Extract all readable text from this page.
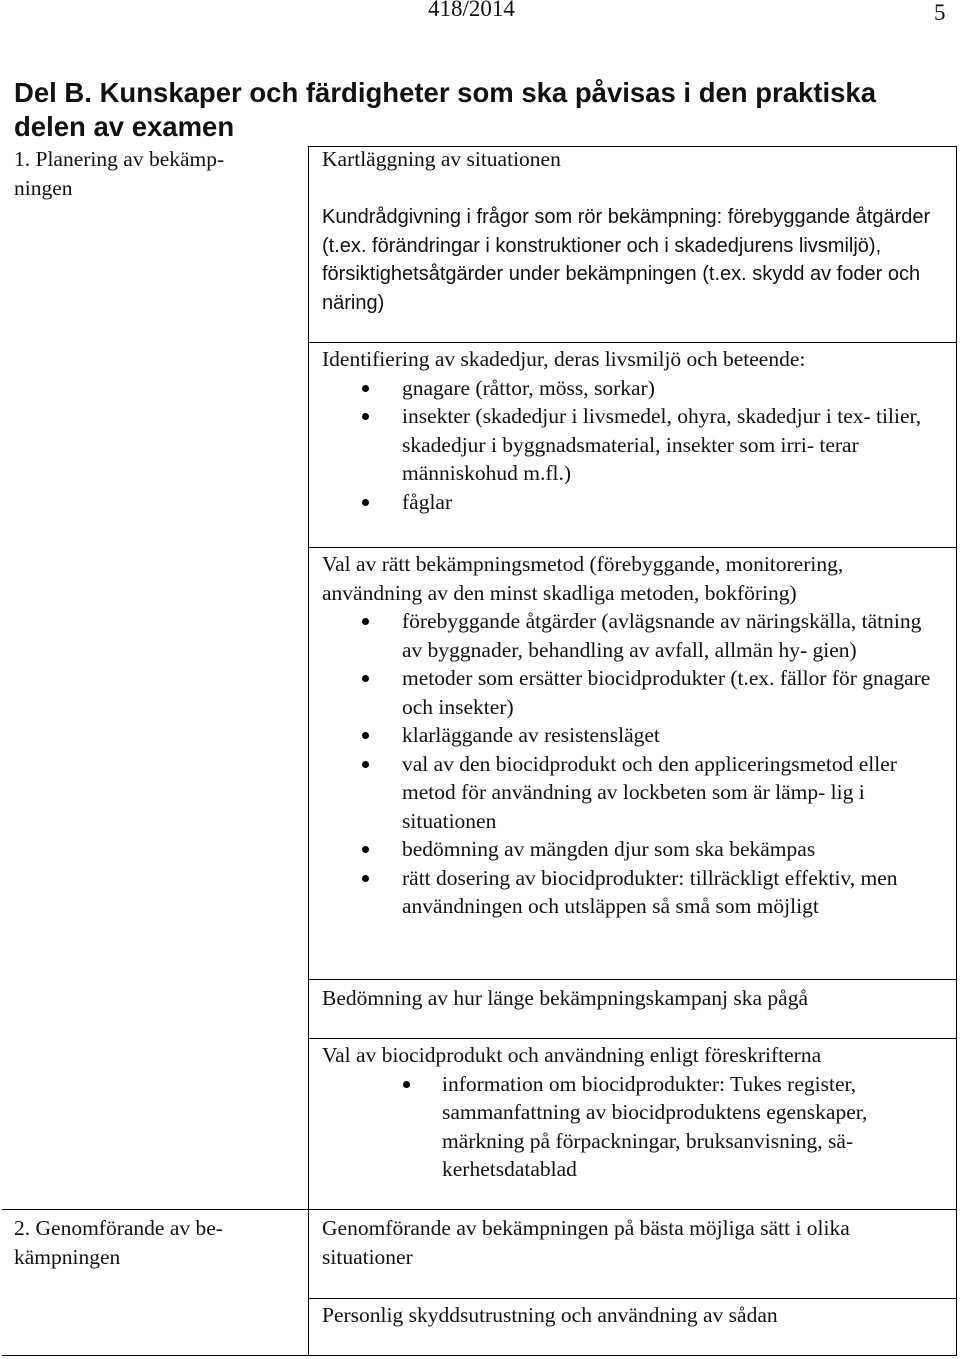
418/2014	5
Del B. Kunskaper och färdigheter som ska påvisas i den praktiska delen av examen
1. Planering av bekämp- ningen
2. Genomförande av be- kämpningen
Kartläggning av situationen
Kundrådgivning i frågor som rör bekämpning: förebyggande åtgärder (t.ex. förändringar i konstruktioner och i skadedjurens livsmiljö), försiktighetsåtgärder under bekämpningen (t.ex. skydd av foder och näring)

Identifiering av skadedjur, deras livsmiljö och beteende:

gnagare (råttor, möss, sorkar)
insekter (skadedjur i livsmedel, ohyra, skadedjur i tex- tilier, skadedjur i byggnadsmaterial, insekter som irri- terar människohud m.fl.)
fåglar

Val av rätt bekämpningsmetod (förebyggande, monitorering, användning av den minst skadliga metoden, bokföring)

förebyggande åtgärder (avlägsnande av näringskälla, tätning av byggnader, behandling av avfall, allmän hy- gien)
metoder som ersätter biocidprodukter (t.ex. fällor för gnagare och insekter)
klarläggande av resistensläget
val av den biocidprodukt och den appliceringsmetod eller metod för användning av lockbeten som är lämp- lig i situationen
bedömning av mängden djur som ska bekämpas
rätt dosering av biocidprodukter: tillräckligt effektiv, men användningen och utsläppen så små som möjligt
Bedömning av hur länge bekämpningskampanj ska pågå

Val av biocidprodukt och användning enligt föreskrifterna

information om biocidprodukter: Tukes register, sammanfattning av biocidproduktens egenskaper, märkning på förpackningar, bruksanvisning, sä- kerhetsdatablad
Genomförande av bekämpningen på bästa möjliga sätt i olika situationer
Personlig skyddsutrustning och användning av sådan
